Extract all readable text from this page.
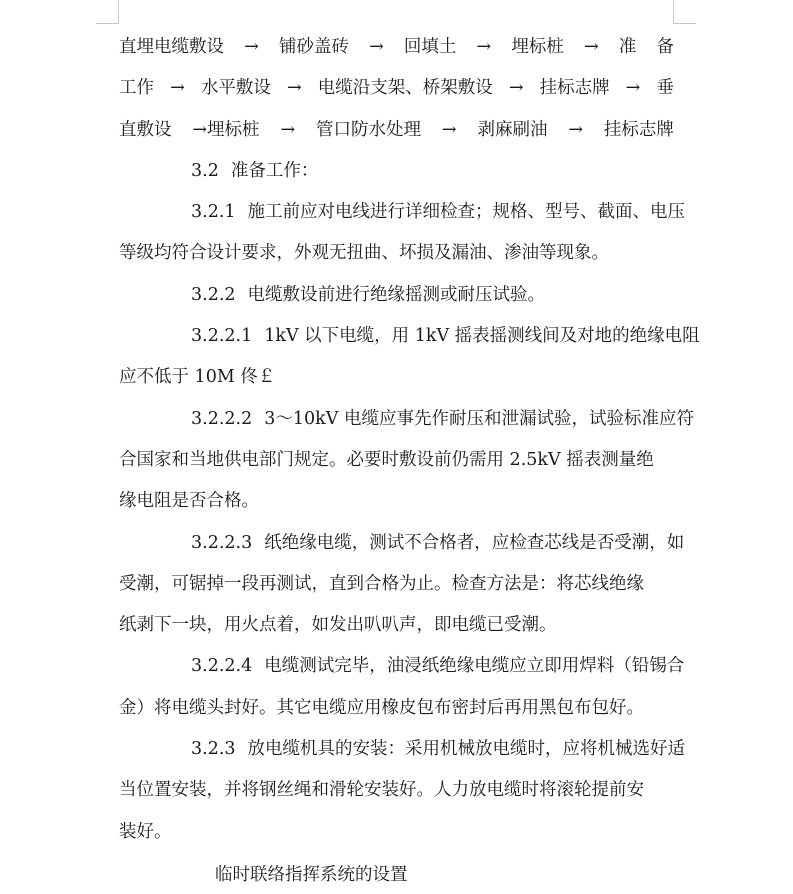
直埋电缆敷设 → 铺砂盖砖 → 回填土 → 埋标桩 → 准 备
工作 → 水平敷设 → 电缆沿支架、桥架敷设 → 挂标志牌 → 垂
直敷设 →埋标桩 → 管口防水处理 → 剥麻刷油 → 挂标志牌
3.2 准备工作：
3.2.1 施工前应对电线进行详细检查；规格、型号、截面、电压
等级均符合设计要求，外观无扭曲、坏损及漏油、渗油等现象。
3.2.2 电缆敷设前进行绝缘摇测或耐压试验。
3.2.2.1 1kV 以下电缆，用 1kV 摇表摇测线间及对地的绝缘电阻
应不低于 10M 佟￡
3.2.2.2 3～10kV 电缆应事先作耐压和泄漏试验，试验标准应符
合国家和当地供电部门规定。必要时敷设前仍需用 2.5kV 摇表测量绝
缘电阻是否合格。
3.2.2.3 纸绝缘电缆，测试不合格者，应检查芯线是否受潮，如
受潮，可锯掉一段再测试，直到合格为止。检查方法是：将芯线绝缘
纸剥下一块，用火点着，如发出叭叭声，即电缆已受潮。
3.2.2.4 电缆测试完毕，油浸纸绝缘电缆应立即用焊料（铅锡合
金）将电缆头封好。其它电缆应用橡皮包布密封后再用黑包布包好。
3.2.3 放电缆机具的安装：采用机械放电缆时，应将机械选好适
当位置安装，并将钢丝绳和滑轮安装好。人力放电缆时将滚轮提前安
装好。
临时联络指挥系统的设置
